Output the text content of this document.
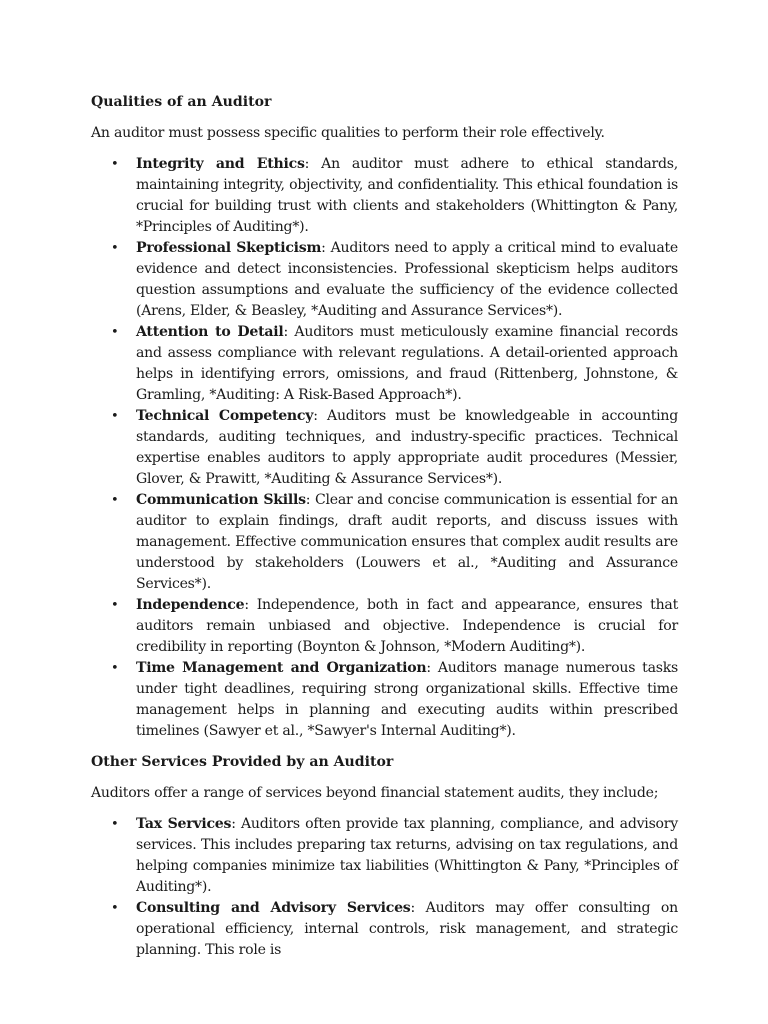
Qualities of an Auditor

An auditor must possess specific qualities to perform their role effectively.

• Integrity and Ethics: An auditor must adhere to ethical standards, maintaining integrity, objectivity, and confidentiality. This ethical foundation is crucial for building trust with clients and stakeholders (Whittington & Pany, *Principles of Auditing*).
• Professional Skepticism: Auditors need to apply a critical mind to evaluate evidence and detect inconsistencies. Professional skepticism helps auditors question assumptions and evaluate the sufficiency of the evidence collected (Arens, Elder, & Beasley, *Auditing and Assurance Services*).
• Attention to Detail: Auditors must meticulously examine financial records and assess compliance with relevant regulations. A detail-oriented approach helps in identifying errors, omissions, and fraud (Rittenberg, Johnstone, & Gramling, *Auditing: A Risk-Based Approach*).
• Technical Competency: Auditors must be knowledgeable in accounting standards, auditing techniques, and industry-specific practices. Technical expertise enables auditors to apply appropriate audit procedures (Messier, Glover, & Prawitt, *Auditing & Assurance Services*).
• Communication Skills: Clear and concise communication is essential for an auditor to explain findings, draft audit reports, and discuss issues with management. Effective communication ensures that complex audit results are understood by stakeholders (Louwers et al., *Auditing and Assurance Services*).
• Independence: Independence, both in fact and appearance, ensures that auditors remain unbiased and objective. Independence is crucial for credibility in reporting (Boynton & Johnson, *Modern Auditing*).
• Time Management and Organization: Auditors manage numerous tasks under tight deadlines, requiring strong organizational skills. Effective time management helps in planning and executing audits within prescribed timelines (Sawyer et al., *Sawyer's Internal Auditing*).
Other Services Provided by an Auditor

Auditors offer a range of services beyond financial statement audits, they include;

• Tax Services: Auditors often provide tax planning, compliance, and advisory services. This includes preparing tax returns, advising on tax regulations, and helping companies minimize tax liabilities (Whittington & Pany, *Principles of Auditing*).
• Consulting and Advisory Services: Auditors may offer consulting on operational efficiency, internal controls, risk management, and strategic planning. This role is
